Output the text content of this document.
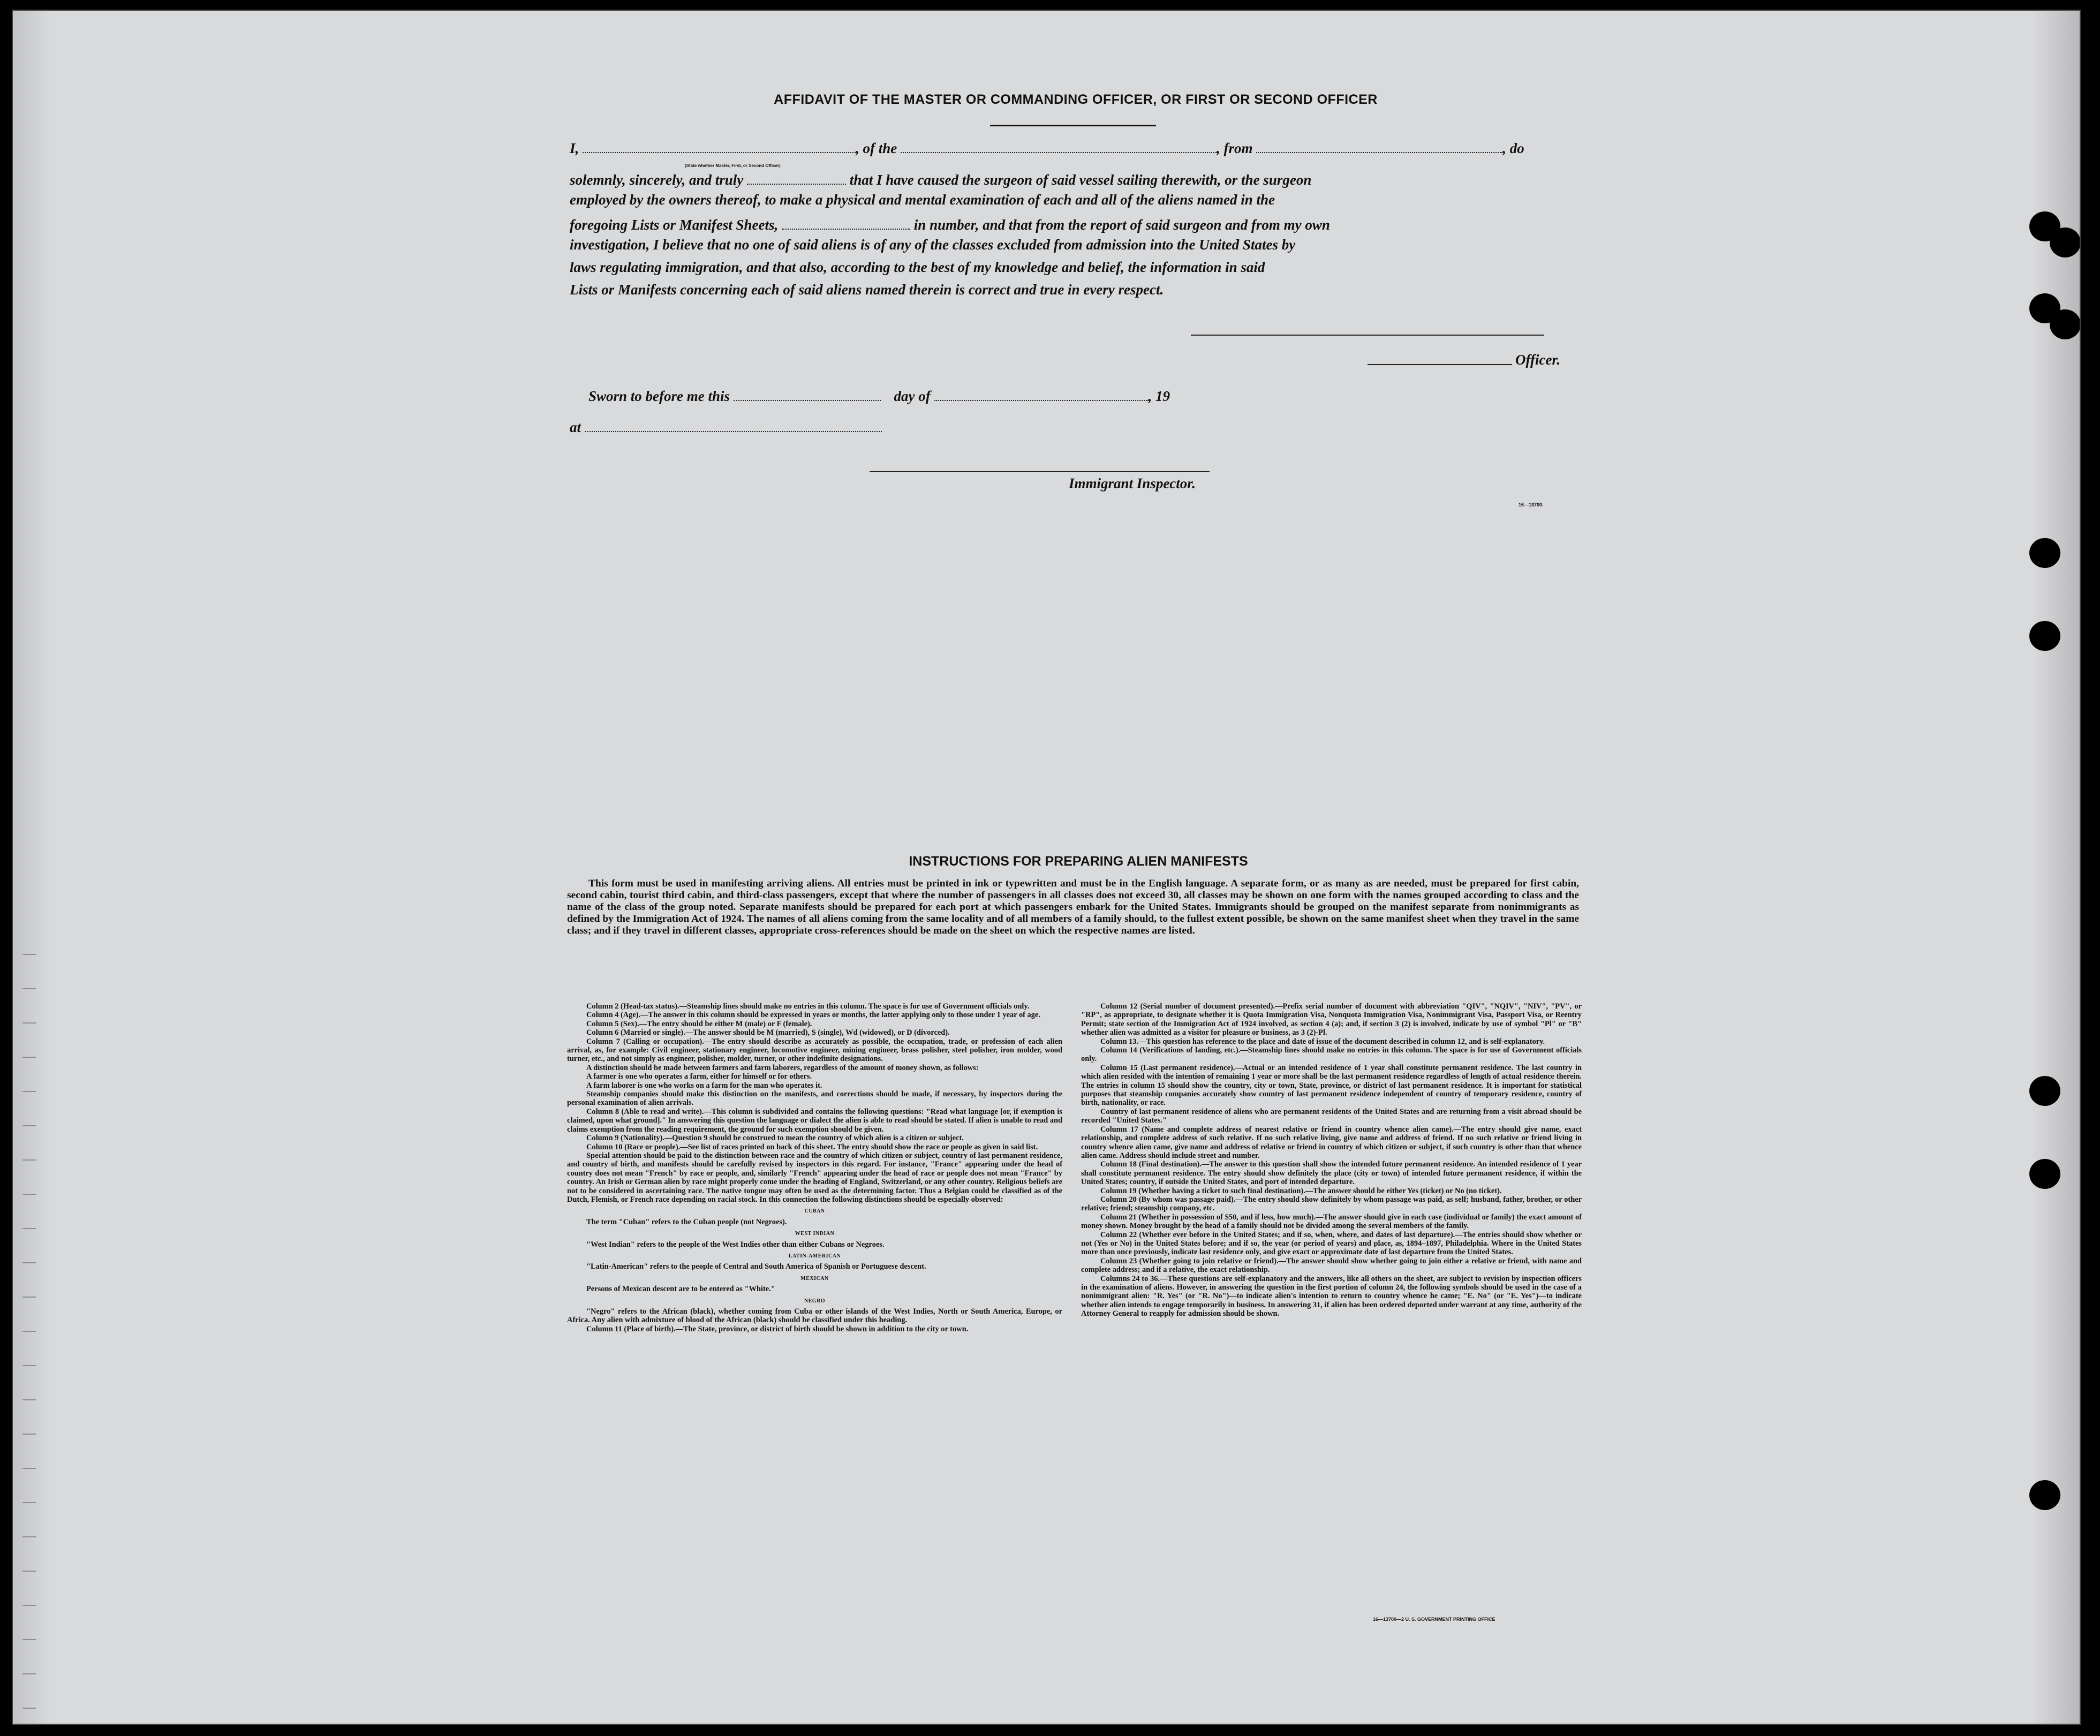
AFFIDAVIT OF THE MASTER OR COMMANDING OFFICER, OR FIRST OR SECOND OFFICER
I,	, of the	, from	, do
(State whether Master, First, or Second Officer)
solemnly, sincerely, and truly	that I have caused the surgeon of said vessel sailing therewith, or the surgeon
employed by the owners thereof, to make a physical and mental examination of each and all of the aliens named in the
foregoing Lists or Manifest Sheets,	in number, and that from the report of said surgeon and from my own
investigation, I believe that no one of said aliens is of any of the classes excluded from admission into the United States by
laws regulating immigration, and that also, according to the best of my knowledge and belief, the information in said
Lists or Manifests concerning each of said aliens named therein is correct and true in every respect.
Officer.
Sworn to before me this	day of	, 19
at
Immigrant Inspector.
16—13700.
INSTRUCTIONS FOR PREPARING ALIEN MANIFESTS
This form must be used in manifesting arriving aliens. All entries must be printed in ink or typewritten and must be in the English language. A separate form, or as many as are needed, must be prepared for first cabin, second cabin, tourist third cabin, and third-class passengers, except that where the number of passengers in all classes does not exceed 30, all classes may be shown on one form with the names grouped according to class and the name of the class of the group noted. Separate manifests should be prepared for each port at which passengers embark for the United States. Immigrants should be grouped on the manifest separate from nonimmigrants as defined by the Immigration Act of 1924. The names of all aliens coming from the same locality and of all members of a family should, to the fullest extent possible, be shown on the same manifest sheet when they travel in the same class; and if they travel in different classes, appropriate cross-references should be made on the sheet on which the respective names are listed.

Column 2 (Head-tax status).—Steamship lines should make no entries in this column. The space is for use of Government officials only.

Column 4 (Age).—The answer in this column should be expressed in years or months, the latter applying only to those under 1 year of age.

Column 5 (Sex).—The entry should be either M (male) or F (female).

Column 6 (Married or single).—The answer should be M (married), S (single), Wd (widowed), or D (divorced).

Column 7 (Calling or occupation).—The entry should describe as accurately as possible, the occupation, trade, or profession of each alien arrival, as, for example: Civil engineer, stationary engineer, locomotive engineer, mining engineer, brass polisher, steel polisher, iron molder, wood turner, etc., and not simply as engineer, polisher, molder, turner, or other indefinite designations.

A distinction should be made between farmers and farm laborers, regardless of the amount of money shown, as follows:

A farmer is one who operates a farm, either for himself or for others.

A farm laborer is one who works on a farm for the man who operates it.

Steamship companies should make this distinction on the manifests, and corrections should be made, if necessary, by inspectors during the personal examination of alien arrivals.

Column 8 (Able to read and write).—This column is subdivided and contains the following questions: "Read what language [or, if exemption is claimed, upon what ground]." In answering this question the language or dialect the alien is able to read should be stated. If alien is unable to read and claims exemption from the reading requirement, the ground for such exemption should be given.

Column 9 (Nationality).—Question 9 should be construed to mean the country of which alien is a citizen or subject.

Column 10 (Race or people).—See list of races printed on back of this sheet. The entry should show the race or people as given in said list.

Special attention should be paid to the distinction between race and the country of which citizen or subject, country of last permanent residence, and country of birth, and manifests should be carefully revised by inspectors in this regard. For instance, "France" appearing under the head of country does not mean "French" by race or people, and, similarly "French" appearing under the head of race or people does not mean "France" by country. An Irish or German alien by race might properly come under the heading of England, Switzerland, or any other country. Religious beliefs are not to be considered in ascertaining race. The native tongue may often be used as the determining factor. Thus a Belgian could be classified as of the Dutch, Flemish, or French race depending on racial stock. In this connection the following distinctions should be especially observed:

CUBAN

The term "Cuban" refers to the Cuban people (not Negroes).

WEST INDIAN

"West Indian" refers to the people of the West Indies other than either Cubans or Negroes.

LATIN-AMERICAN

"Latin-American" refers to the people of Central and South America of Spanish or Portuguese descent.

MEXICAN

Persons of Mexican descent are to be entered as "White."

NEGRO

"Negro" refers to the African (black), whether coming from Cuba or other islands of the West Indies, North or South America, Europe, or Africa. Any alien with admixture of blood of the African (black) should be classified under this heading.

Column 11 (Place of birth).—The State, province, or district of birth should be shown in addition to the city or town.

Column 12 (Serial number of document presented).—Prefix serial number of document with abbreviation "QIV", "NQIV", "NIV", "PV", or "RP", as appropriate, to designate whether it is Quota Immigration Visa, Nonquota Immigration Visa, Nonimmigrant Visa, Passport Visa, or Reentry Permit; state section of the Immigration Act of 1924 involved, as section 4 (a); and, if section 3 (2) is involved, indicate by use of symbol "Pl" or "B" whether alien was admitted as a visitor for pleasure or business, as 3 (2)-Pl.

Column 13.—This question has reference to the place and date of issue of the document described in column 12, and is self-explanatory.

Column 14 (Verifications of landing, etc.).—Steamship lines should make no entries in this column. The space is for use of Government officials only.

Column 15 (Last permanent residence).—Actual or an intended residence of 1 year shall constitute permanent residence. The last country in which alien resided with the intention of remaining 1 year or more shall be the last permanent residence regardless of length of actual residence therein. The entries in column 15 should show the country, city or town, State, province, or district of last permanent residence. It is important for statistical purposes that steamship companies accurately show country of last permanent residence independent of country of temporary residence, country of birth, nationality, or race.

Country of last permanent residence of aliens who are permanent residents of the United States and are returning from a visit abroad should be recorded "United States."

Column 17 (Name and complete address of nearest relative or friend in country whence alien came).—The entry should give name, exact relationship, and complete address of such relative. If no such relative living, give name and address of friend. If no such relative or friend living in country whence alien came, give name and address of relative or friend in country of which citizen or subject, if such country is other than that whence alien came. Address should include street and number.

Column 18 (Final destination).—The answer to this question shall show the intended future permanent residence. An intended residence of 1 year shall constitute permanent residence. The entry should show definitely the place (city or town) of intended future permanent residence, if within the United States; country, if outside the United States, and port of intended departure.

Column 19 (Whether having a ticket to such final destination).—The answer should be either Yes (ticket) or No (no ticket).

Column 20 (By whom was passage paid).—The entry should show definitely by whom passage was paid, as self; husband, father, brother, or other relative; friend; steamship company, etc.

Column 21 (Whether in possession of $50, and if less, how much).—The answer should give in each case (individual or family) the exact amount of money shown. Money brought by the head of a family should not be divided among the several members of the family.

Column 22 (Whether ever before in the United States; and if so, when, where, and dates of last departure).—The entries should show whether or not (Yes or No) in the United States before; and if so, the year (or period of years) and place, as, 1894–1897, Philadelphia. Where in the United States more than once previously, indicate last residence only, and give exact or approximate date of last departure from the United States.

Column 23 (Whether going to join relative or friend).—The answer should show whether going to join either a relative or friend, with name and complete address; and if a relative, the exact relationship.

Columns 24 to 36.—These questions are self-explanatory and the answers, like all others on the sheet, are subject to revision by inspection officers in the examination of aliens. However, in answering the question in the first portion of column 24, the following symbols should be used in the case of a nonimmigrant alien: "R. Yes" (or "R. No")—to indicate alien's intention to return to country whence he came; "E. No" (or "E. Yes")—to indicate whether alien intends to engage temporarily in business. In answering 31, if alien has been ordered deported under warrant at any time, authority of the Attorney General to reapply for admission should be shown.

16—13700—2 U. S. GOVERNMENT PRINTING OFFICE
